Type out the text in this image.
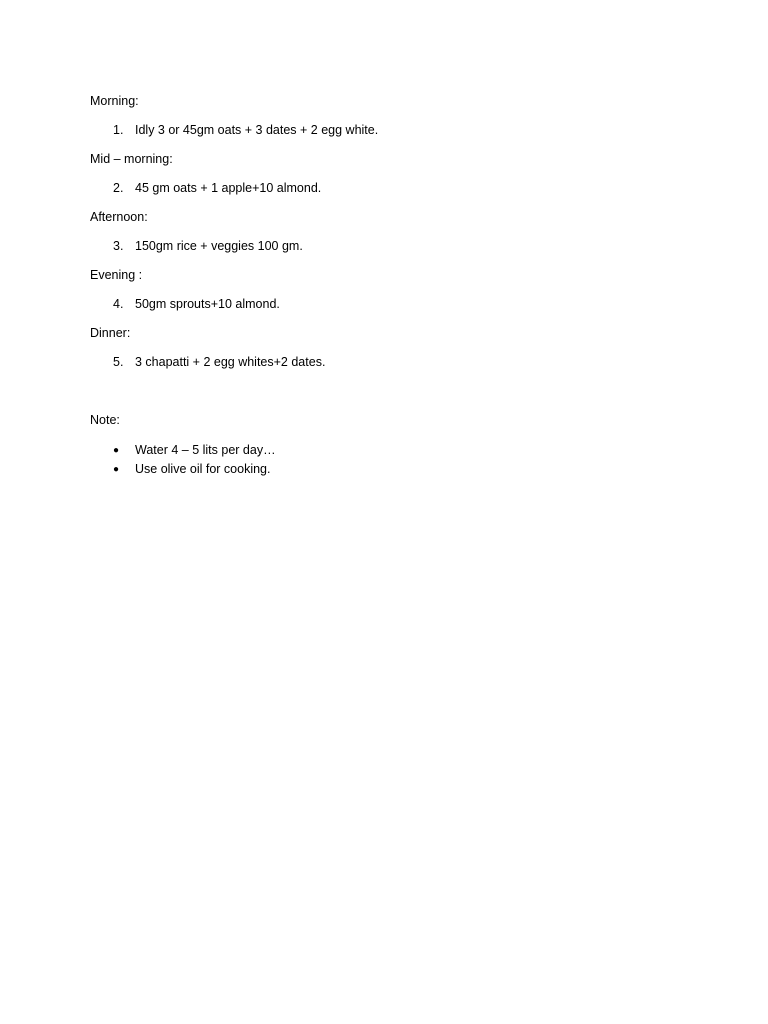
Morning:
1. Idly 3 or 45gm oats + 3 dates + 2 egg white.
Mid – morning:
2. 45 gm oats + 1 apple+10 almond.
Afternoon:
3. 150gm rice + veggies 100 gm.
Evening :
4. 50gm sprouts+10 almond.
Dinner:
5. 3 chapatti + 2 egg whites+2 dates.
Note:
●	Water 4 – 5 lits per day…
●	Use olive oil for cooking.
